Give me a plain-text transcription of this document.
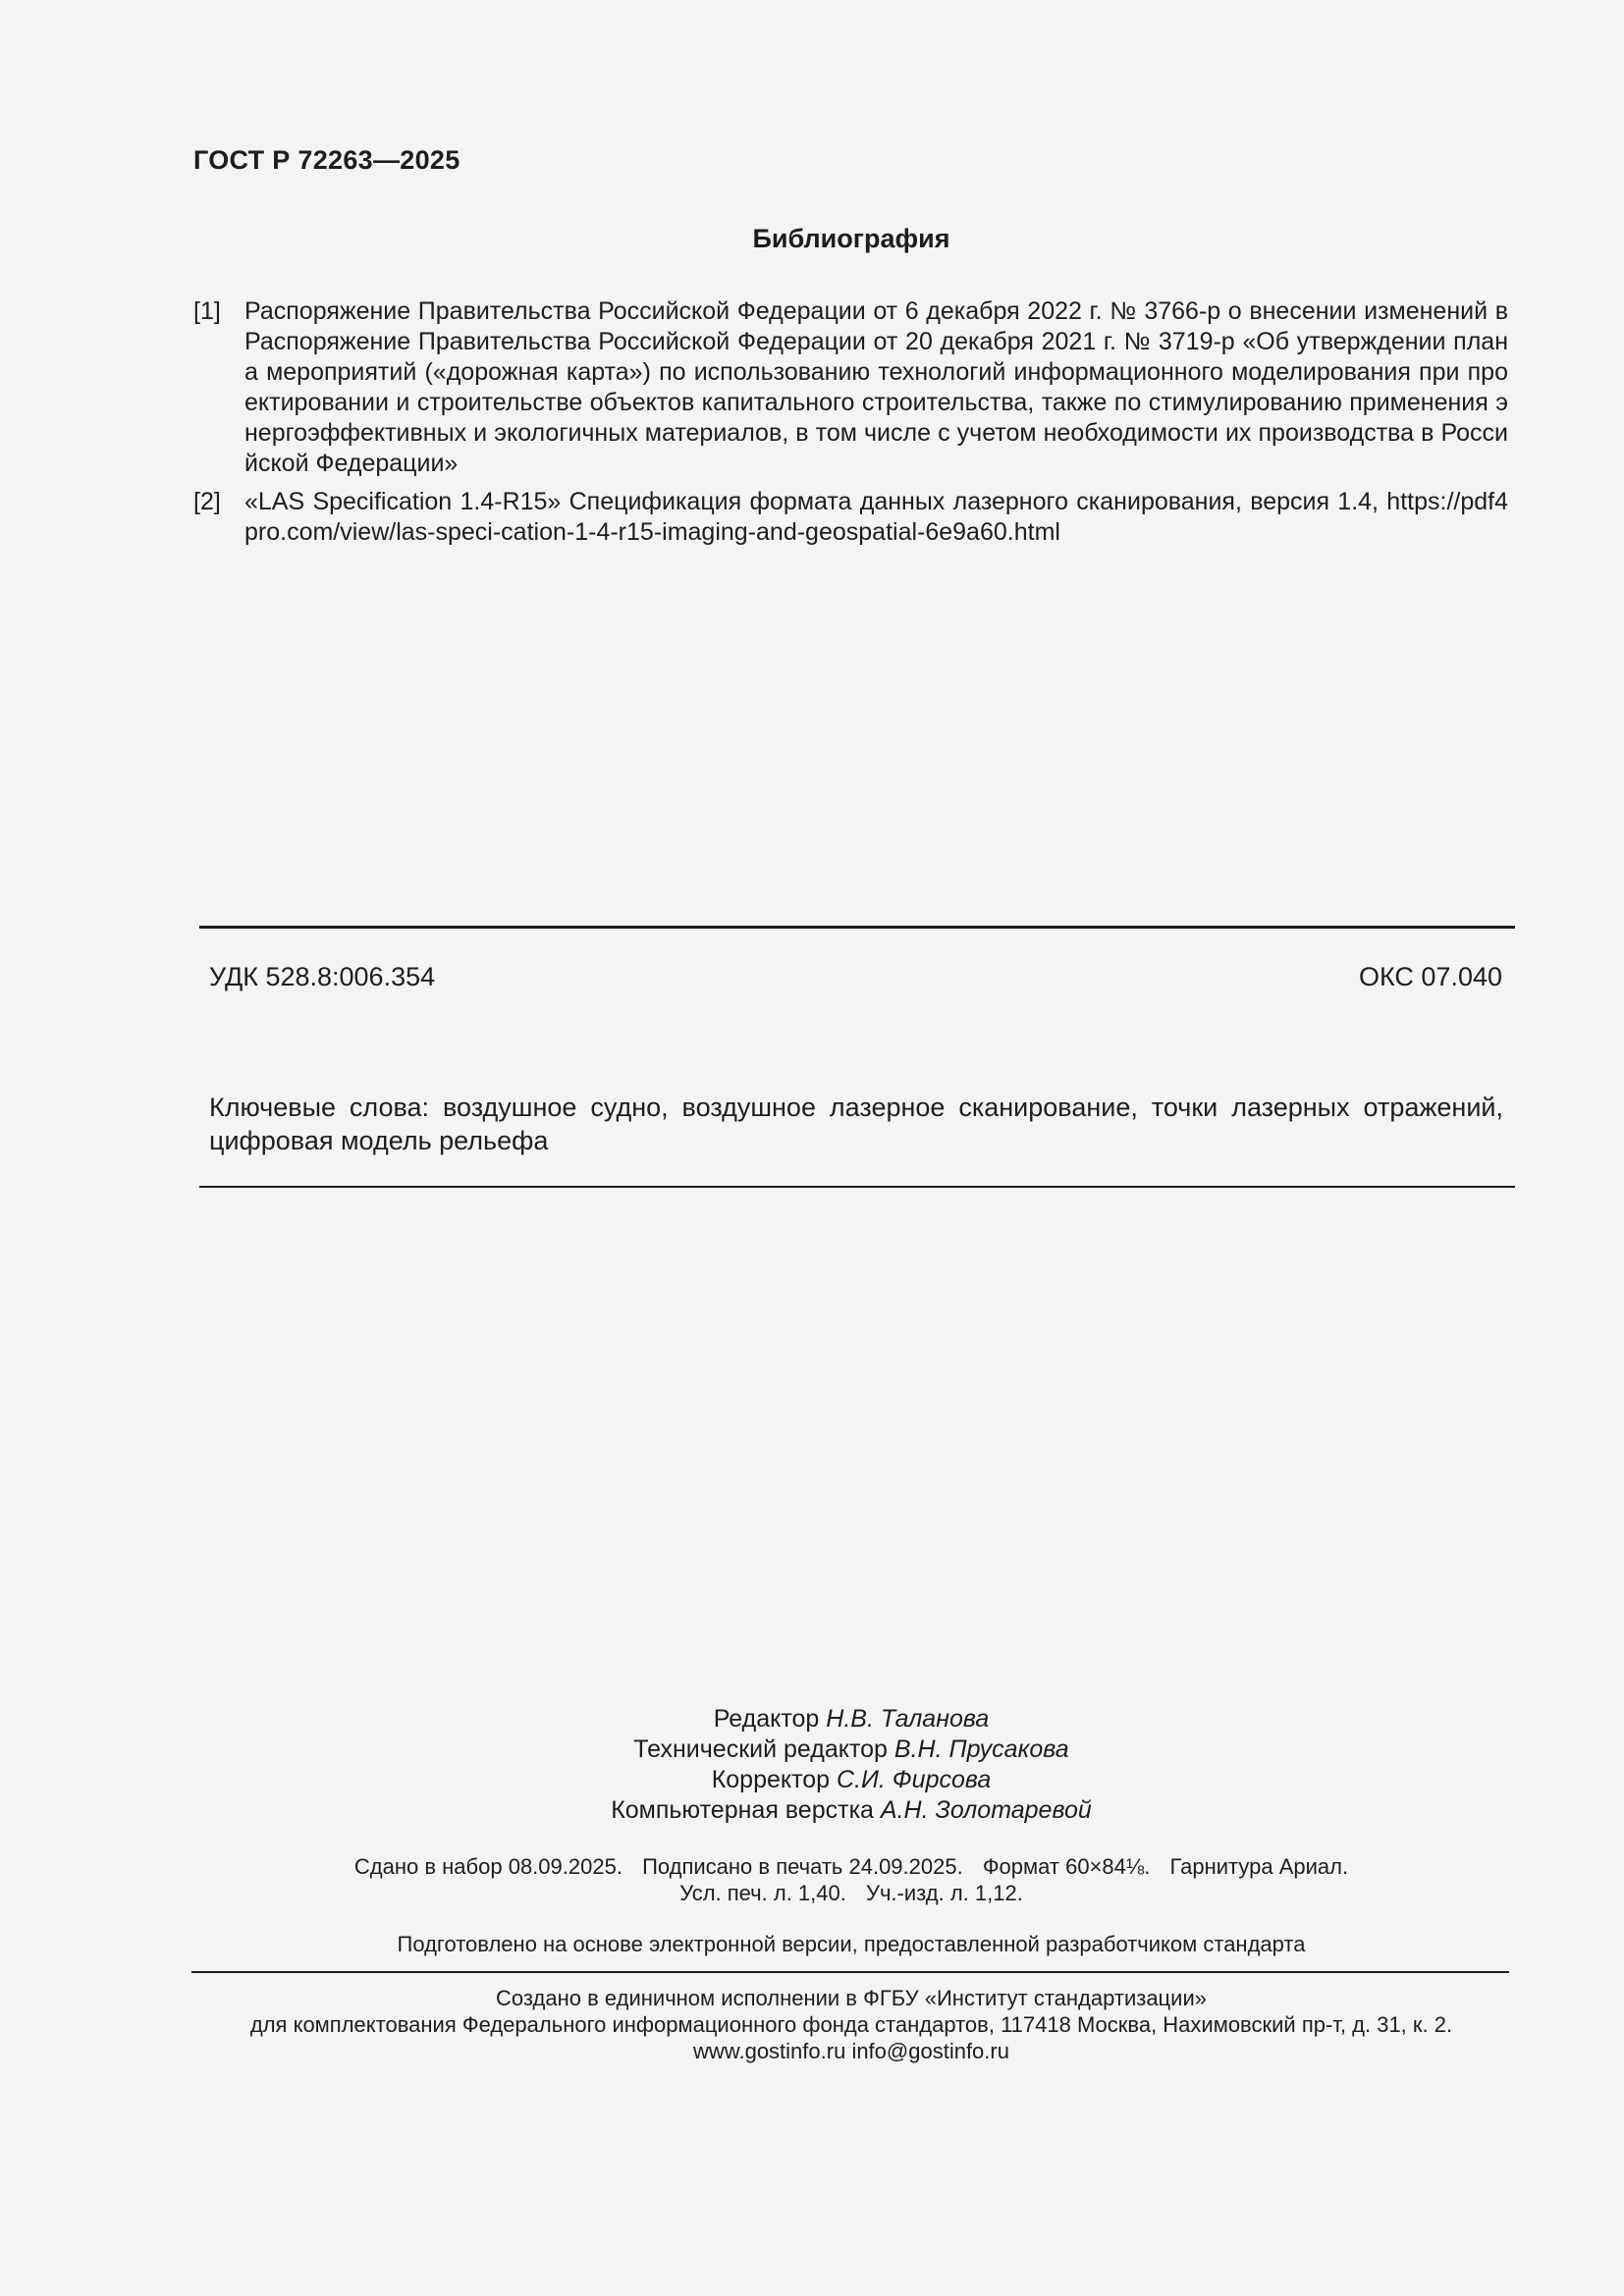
ГОСТ Р 72263—2025
Библиография
[1] Распоряжение Правительства Российской Федерации от 6 декабря 2022 г. № 3766-р о внесении изменений в Распоряжение Правительства Российской Федерации от 20 декабря 2021 г. № 3719-р «Об утверждении плана мероприятий («дорожная карта») по использованию технологий информационного моделирования при проектировании и строительстве объектов капитального строительства, также по стимулированию применения энергоэффективных и экологичных материалов, в том числе с учетом необходимости их производства в Российской Федерации»
[2] «LAS Specification 1.4-R15» Спецификация формата данных лазерного сканирования, версия 1.4, https://pdf4pro.com/view/las-speci-cation-1-4-r15-imaging-and-geospatial-6e9a60.html
УДК 528.8:006.354	ОКС 07.040
Ключевые слова: воздушное судно, воздушное лазерное сканирование, точки лазерных отражений, цифровая модель рельефа
Редактор Н.В. Таланова
Технический редактор В.Н. Прусакова
Корректор С.И. Фирсова
Компьютерная верстка А.Н. Золотаревой
Сдано в набор 08.09.2025. Подписано в печать 24.09.2025. Формат 60×84⅛. Гарнитура Ариал.
Усл. печ. л. 1,40. Уч.-изд. л. 1,12.
Подготовлено на основе электронной версии, предоставленной разработчиком стандарта
Создано в единичном исполнении в ФГБУ «Институт стандартизации»
для комплектования Федерального информационного фонда стандартов, 117418 Москва, Нахимовский пр-т, д. 31, к. 2.
www.gostinfo.ru info@gostinfo.ru
